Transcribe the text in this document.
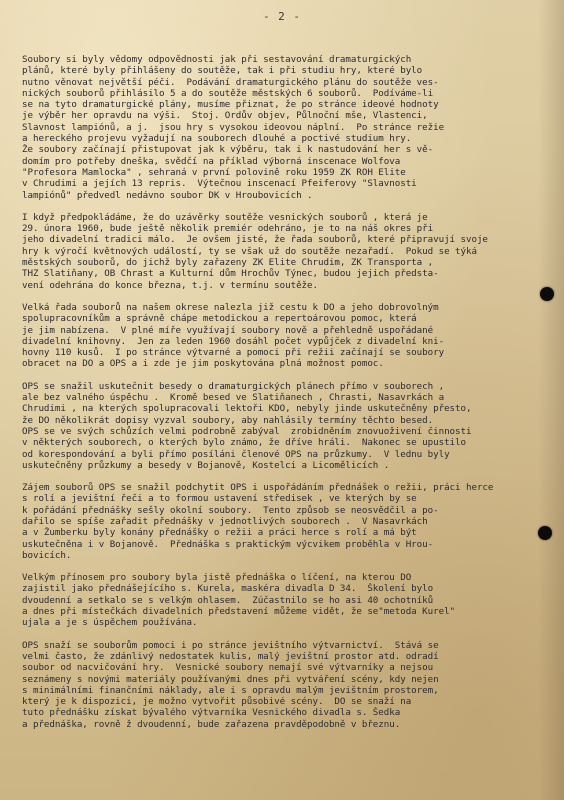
- 2 -
Soubory si byly vědomy odpovědnosti jak při sestavování dramaturgických
plánů, které byly přihlášeny do soutěže, tak i při studiu hry, které bylo
nutno věnovat největší péči.  Podávání dramaturgického plánu do soutěže ves-
nických souborů přihlásilo 5 a do soutěže městských 6 souborů.  Podíváme-li
se na tyto dramaturgické plány, musíme přiznat, že po stránce ideové hodnoty
je výběr her opravdu na výši.  Stoj. Ordův objev, Půlnoční mše, Vlastenci,
Slavnost lampiónů, a j.  jsou hry s vysokou ideovou náplní.  Po stránce režie
a hereckého projevu vyžadují na souborech dlouhé a poctivé studium hry.
Že soubory začínají přistupovat jak k výběru, tak i k nastudování her s vě-
domím pro potřeby dneška, svědčí na příklad výborná inscenace Wolfova
"Profesora Mamlocka" , sehraná v první polovině roku 1959 ZK ROH Elite
v Chrudimi a jejích 13 repris.  Výtečnou inscenací Pfeiferovy "Slavnosti
lampiónů" předvedl nedávno soubor DK v Hroubovicích .
I když předpokládáme, že do uzávěrky soutěže vesnických souborů , která je
29. února 1960, bude ještě několik premiér odehráno, je to na náš okres při
jeho divadelní tradici málo.  Je ovšem jisté, že řada souborů, které připravují svoje
hry k výročí květnových událostí, ty se však už do soutěže nezařadí.  Pokud se týká
městských souborů, do jichž byly zařazeny ZK Elite Chrudim, ZK Transporta ,
THZ Slatiňany, OB Chrast a Kulturní dům Hrochův Týnec, budou jejich předsta-
vení odehrána do konce března, t.j. v termínu soutěže.
Velká řada souborů na našem okrese nalezla již cestu k DO a jeho dobrovolným
spolupracovníkům a správně chápe metodickou a repertoárovou pomoc, která
je jim nabízena.  V plné míře využívají soubory nově a přehledně uspořádané
divadelní knihovny.  Jen za leden 1960 dosáhl počet vypůjček z divadelní kni-
hovny 110 kusů.  I po stránce výtvarné a pomoci při režii začínají se soubory
obracet na DO a OPS a i zde je jim poskytována plná možnost pomoc.
OPS se snažil uskutečnit besedy o dramaturgických plánech přímo v souborech ,
ale bez valného úspěchu .  Kromě besed ve Slatiňanech , Chrasti, Nasavrkách a
Chrudimi , na kterých spolupracovali lektoři KDO, nebyly jinde uskutečněny přesto,
že DO několikrát dopisy vyzval soubory, aby nahlásily termíny těchto besed.
OPS se ve svých schůzích velmi podrobně zabýval  zrobidněním znovuoživení činnosti
v některých souborech, o kterých bylo známo, že dříve hráli.  Nakonec se upustilo
od korespondování a byli přímo posíláni členové OPS na průzkumy.  V lednu byly
uskutečněny průzkumy a besedy v Bojanově, Kostelci a Licomělicích .
Zájem souborů OPS se snažil podchytit OPS i uspořádáním přednášek o režii, práci herce
s rolí a jevištní řeči a to formou ustavení středisek , ve kterých by se
k pořádání přednášky sešly okolní soubory.  Tento způsob se neosvědčil a po-
dařilo se spíše zařadit přednášky v jednotlivých souborech .  V Nasavrkách
a v Žumberku byly konány přednášky o režii a práci herce s rolí a má být
uskutečněna i v Bojanově.  Přednáška s praktickým výcvikem proběhla v Hrou-
bovicích.
Velkým přínosem pro soubory byla jistě přednáška o líčení, na kterou DO
zajistil jako přednášejícího s. Kurela, maskéra divadla D 34.  Školení bylo
dvoudenní a setkalo se s velkým ohlasem.  Zúčastnilo se ho asi 40 ochotníků
a dnes při místečkách divadelních představení můžeme vidět, že se"metoda Kurel"
ujala a je s úspěchem používána.
OPS snaží se souborům pomoci i po stránce jevištního výtvarnictví.  Stává se
velmi často, že zdánlivý nedostatek kulis, malý jevištní prostor atd. odradí
soubor od nacvičování hry.  Vesnické soubory nemají své výtvarníky a nejsou
seznámeny s novými materiály používanými dnes při vytváření scény, kdy nejen
s minimálními finančními náklady, ale i s opravdu malým jevištním prostorem,
který je k dispozici, je možno vytvořit působivé scény.  DO se snaží na
tuto přednášku získat bývalého výtvarníka Vesnického divadla s. Šedka
a přednáška, rovně ž dvoudenní, bude zařazena pravděpodobně v březnu.
